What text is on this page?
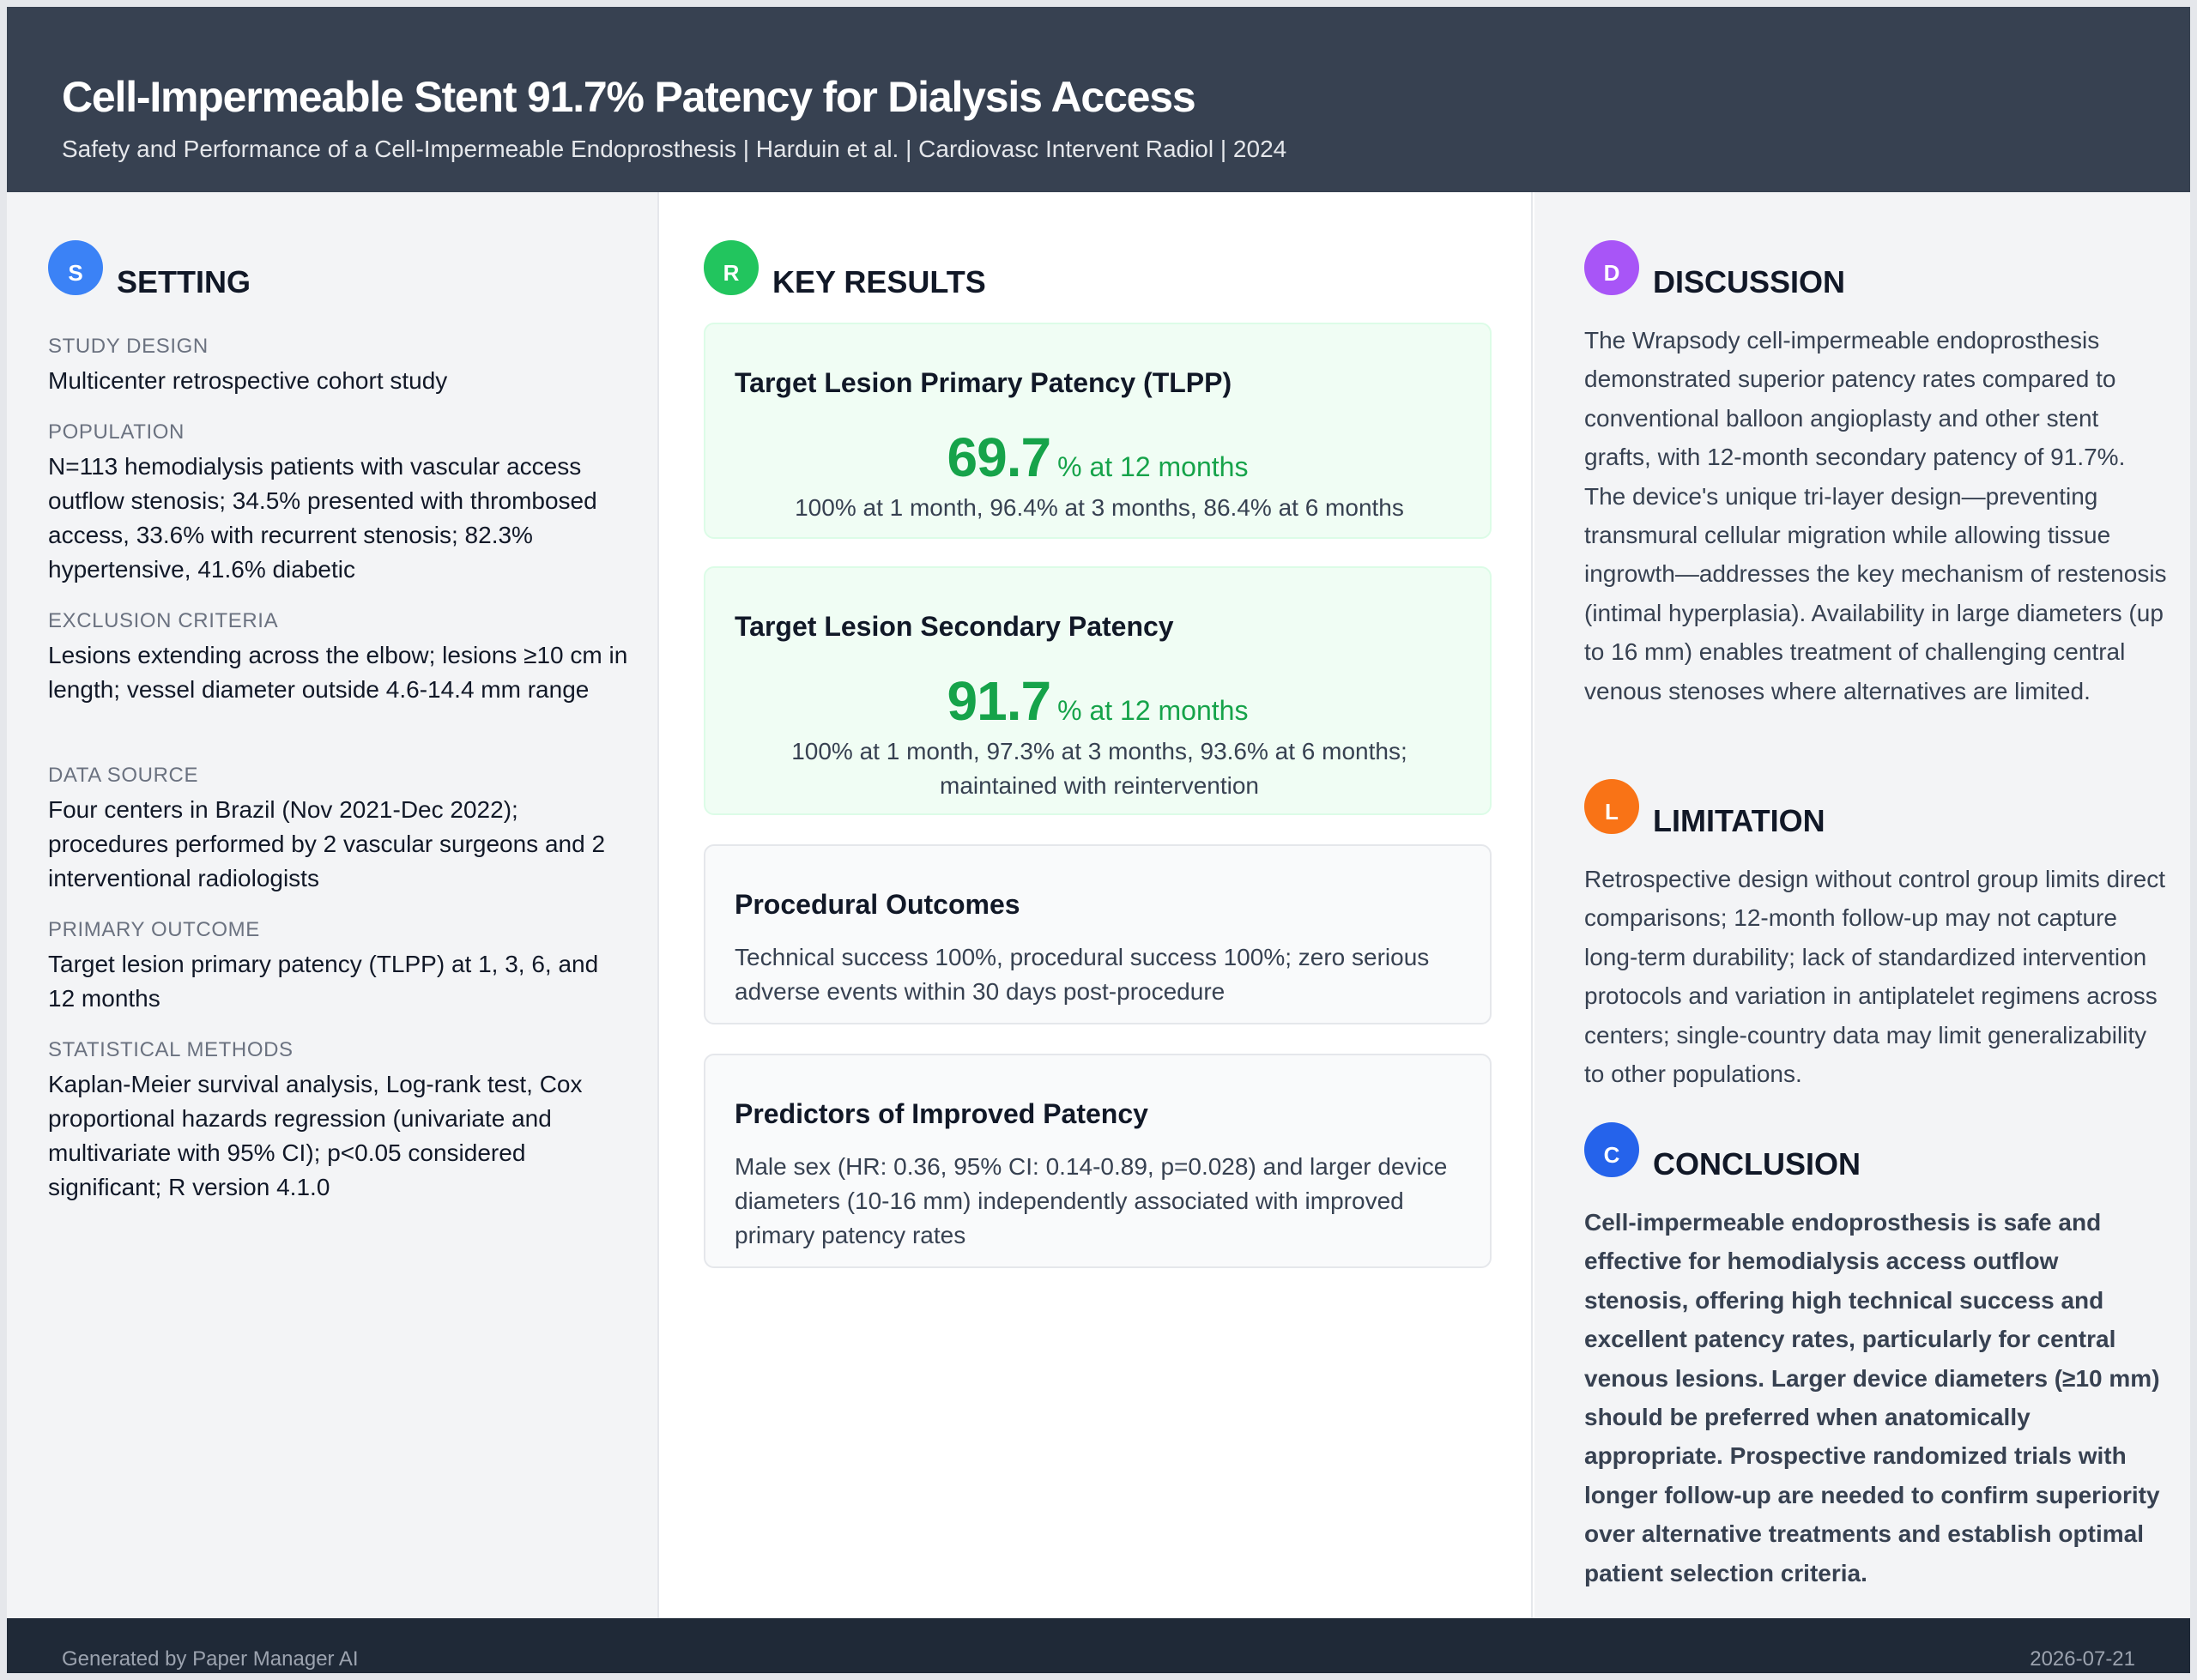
Cell-Impermeable Stent 91.7% Patency for Dialysis Access
Safety and Performance of a Cell-Impermeable Endoprosthesis | Harduin et al. | Cardiovasc Intervent Radiol | 2024
S	SETTING
STUDY DESIGN
Multicenter retrospective cohort study
POPULATION
N=113 hemodialysis patients with vascular access outflow stenosis; 34.5% presented with thrombosed access, 33.6% with recurrent stenosis; 82.3% hypertensive, 41.6% diabetic
EXCLUSION CRITERIA
Lesions extending across the elbow; lesions ≥10 cm in length; vessel diameter outside 4.6-14.4 mm range
DATA SOURCE
Four centers in Brazil (Nov 2021-Dec 2022); procedures performed by 2 vascular surgeons and 2 interventional radiologists
PRIMARY OUTCOME
Target lesion primary patency (TLPP) at 1, 3, 6, and 12 months
STATISTICAL METHODS
Kaplan-Meier survival analysis, Log-rank test, Cox proportional hazards regression (univariate and multivariate with 95% CI); p<0.05 considered significant; R version 4.1.0
R	KEY RESULTS
Target Lesion Primary Patency (TLPP)
69.7 % at 12 months
100% at 1 month, 96.4% at 3 months, 86.4% at 6 months
Target Lesion Secondary Patency
91.7 % at 12 months
100% at 1 month, 97.3% at 3 months, 93.6% at 6 months; maintained with reintervention
Procedural Outcomes
Technical success 100%, procedural success 100%; zero serious adverse events within 30 days post-procedure
Predictors of Improved Patency
Male sex (HR: 0.36, 95% CI: 0.14-0.89, p=0.028) and larger device diameters (10-16 mm) independently associated with improved primary patency rates
D	DISCUSSION
The Wrapsody cell-impermeable endoprosthesis demonstrated superior patency rates compared to conventional balloon angioplasty and other stent grafts, with 12-month secondary patency of 91.7%. The device's unique tri-layer design—preventing transmural cellular migration while allowing tissue ingrowth—addresses the key mechanism of restenosis (intimal hyperplasia). Availability in large diameters (up to 16 mm) enables treatment of challenging central venous stenoses where alternatives are limited.
L	LIMITATION
Retrospective design without control group limits direct comparisons; 12-month follow-up may not capture long-term durability; lack of standardized intervention protocols and variation in antiplatelet regimens across centers; single-country data may limit generalizability to other populations.
C	CONCLUSION
Cell-impermeable endoprosthesis is safe and effective for hemodialysis access outflow stenosis, offering high technical success and excellent patency rates, particularly for central venous lesions. Larger device diameters (≥10 mm) should be preferred when anatomically appropriate. Prospective randomized trials with longer follow-up are needed to confirm superiority over alternative treatments and establish optimal patient selection criteria.
Generated by Paper Manager AI	2026-07-21
